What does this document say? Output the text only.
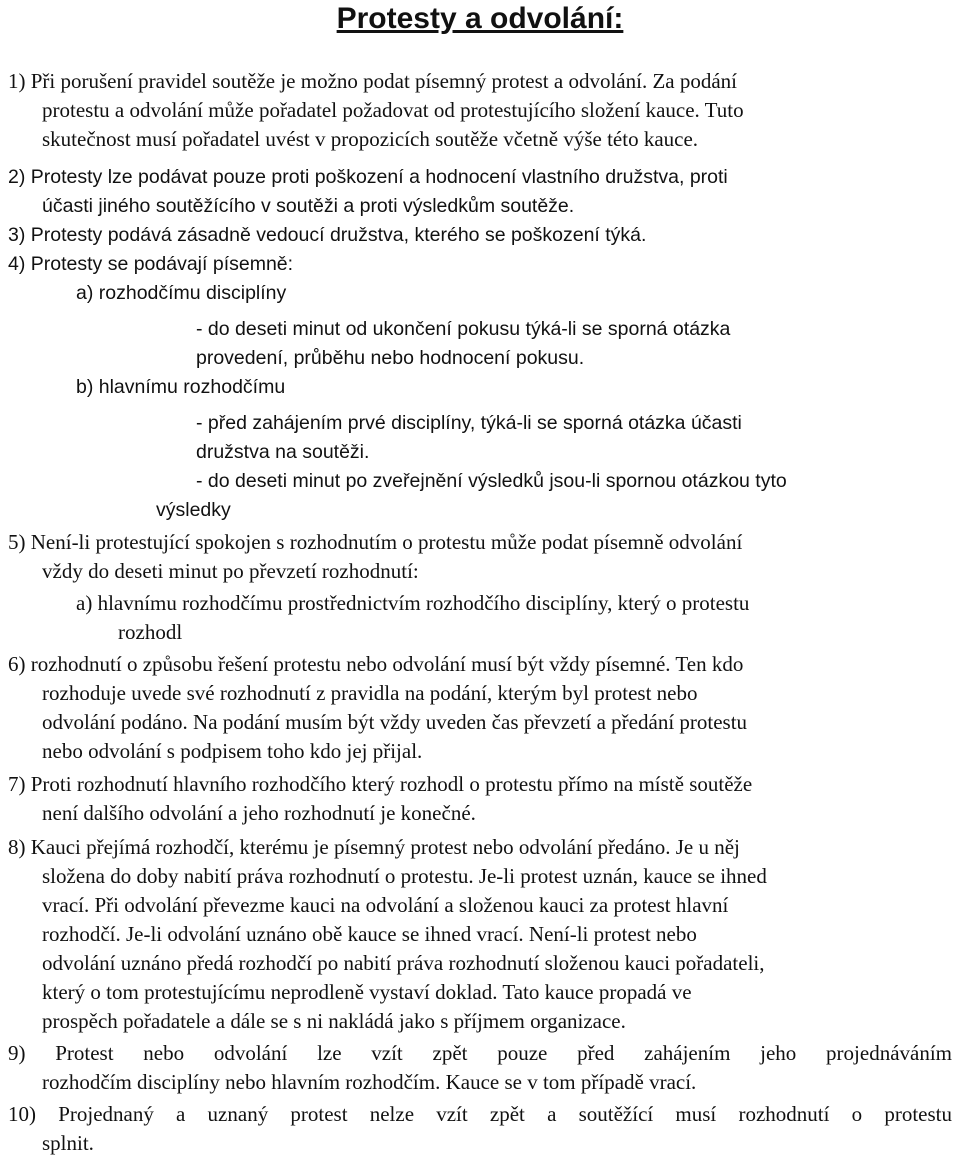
Protesty a odvolání:
1) Při porušení pravidel soutěže je možno podat písemný protest a odvolání. Za podání
protestu a odvolání může pořadatel požadovat od protestujícího složení kauce. Tuto
skutečnost musí pořadatel uvést v propozicích soutěže včetně výše této kauce.
2) Protesty lze podávat pouze proti poškození a hodnocení vlastního družstva, proti
účasti jiného soutěžícího v soutěži a proti výsledkům soutěže.
3) Protesty podává zásadně vedoucí družstva, kterého se poškození týká.
4) Protesty se podávají písemně:
a) rozhodčímu disciplíny
- do deseti minut od ukončení pokusu týká-li se sporná otázka
provedení, průběhu nebo hodnocení pokusu.
b) hlavnímu rozhodčímu
- před zahájením prvé disciplíny, týká-li se sporná otázka účasti
družstva na soutěži.
- do deseti minut po zveřejnění výsledků jsou-li spornou otázkou tyto
výsledky
5) Není-li protestující spokojen s rozhodnutím o protestu může podat písemně odvolání
vždy do deseti minut po převzetí rozhodnutí:
a) hlavnímu rozhodčímu prostřednictvím rozhodčího disciplíny, který o protestu
rozhodl
6) rozhodnutí o způsobu řešení protestu nebo odvolání musí být vždy písemné. Ten kdo
rozhoduje uvede své rozhodnutí z pravidla na podání, kterým byl protest nebo
odvolání podáno. Na podání musím být vždy uveden čas převzetí a předání protestu
nebo odvolání s podpisem toho kdo jej přijal.
7) Proti rozhodnutí hlavního rozhodčího který rozhodl o protestu přímo na místě soutěže
není dalšího odvolání a jeho rozhodnutí je konečné.
8) Kauci přejímá rozhodčí, kterému je písemný protest nebo odvolání předáno. Je u něj
složena do doby nabití práva rozhodnutí o protestu. Je-li protest uznán, kauce se ihned
vrací. Při odvolání převezme kauci na odvolání a složenou kauci za protest hlavní
rozhodčí. Je-li odvolání uznáno obě kauce se ihned vrací. Není-li protest nebo
odvolání uznáno předá rozhodčí po nabití práva rozhodnutí složenou kauci pořadateli,
který o tom protestujícímu neprodleně vystaví doklad. Tato kauce propadá ve
prospěch pořadatele a dále se s ni nakládá jako s příjmem organizace.
9) Protest nebo odvolání lze vzít zpět pouze před zahájením jeho projednáváním
rozhodčím disciplíny nebo hlavním rozhodčím. Kauce se v tom případě vrací.
10) Projednaný a uznaný protest nelze vzít zpět a soutěžící musí rozhodnutí o protestu
splnit.
